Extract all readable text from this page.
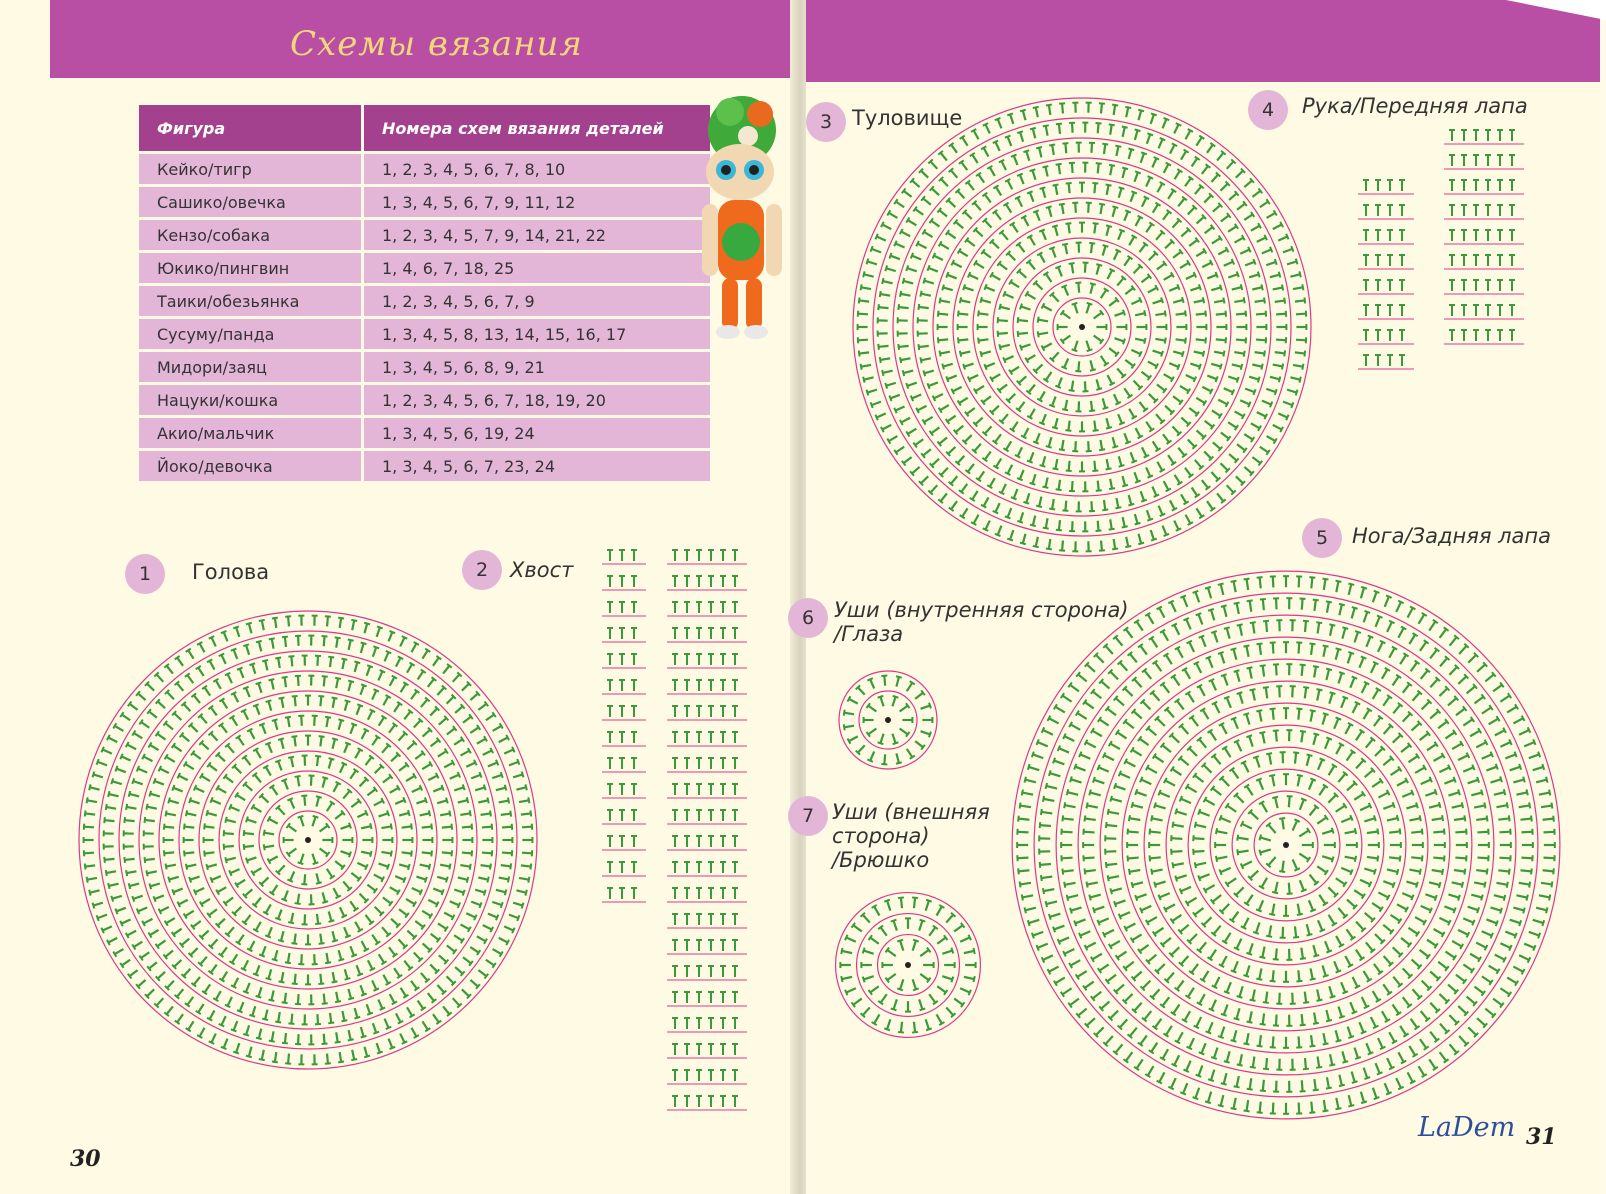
Схемы вязания
Фигура	Номера схем вязания деталей
Кейко/тигр	1, 2, 3, 4, 5, 6, 7, 8, 10
Сашико/овечка	1, 3, 4, 5, 6, 7, 9, 11, 12
Кензо/собака	1, 2, 3, 4, 5, 7, 9, 14, 21, 22
Юкико/пингвин	1, 4, 6, 7, 18, 25
Таики/обезьянка	1, 2, 3, 4, 5, 6, 7, 9
Сусуму/панда	1, 3, 4, 5, 8, 13, 14, 15, 16, 17
Мидори/заяц	1, 3, 4, 5, 6, 8, 9, 21
Нацуки/кошка	1, 2, 3, 4, 5, 6, 7, 18, 19, 20
Акио/мальчик	1, 3, 4, 5, 6, 19, 24
Йоко/девочка	1, 3, 4, 5, 6, 7, 23, 24
1	Голова	2	Хвост
30
3 Туловище	4	Рука/Передняя лапа
5	Нога/Задняя лапа
6 Уши (внутренняя сторона)
/Глаза
7 Уши (внешняя
сторона)
/Брюшко
LaDem 31
